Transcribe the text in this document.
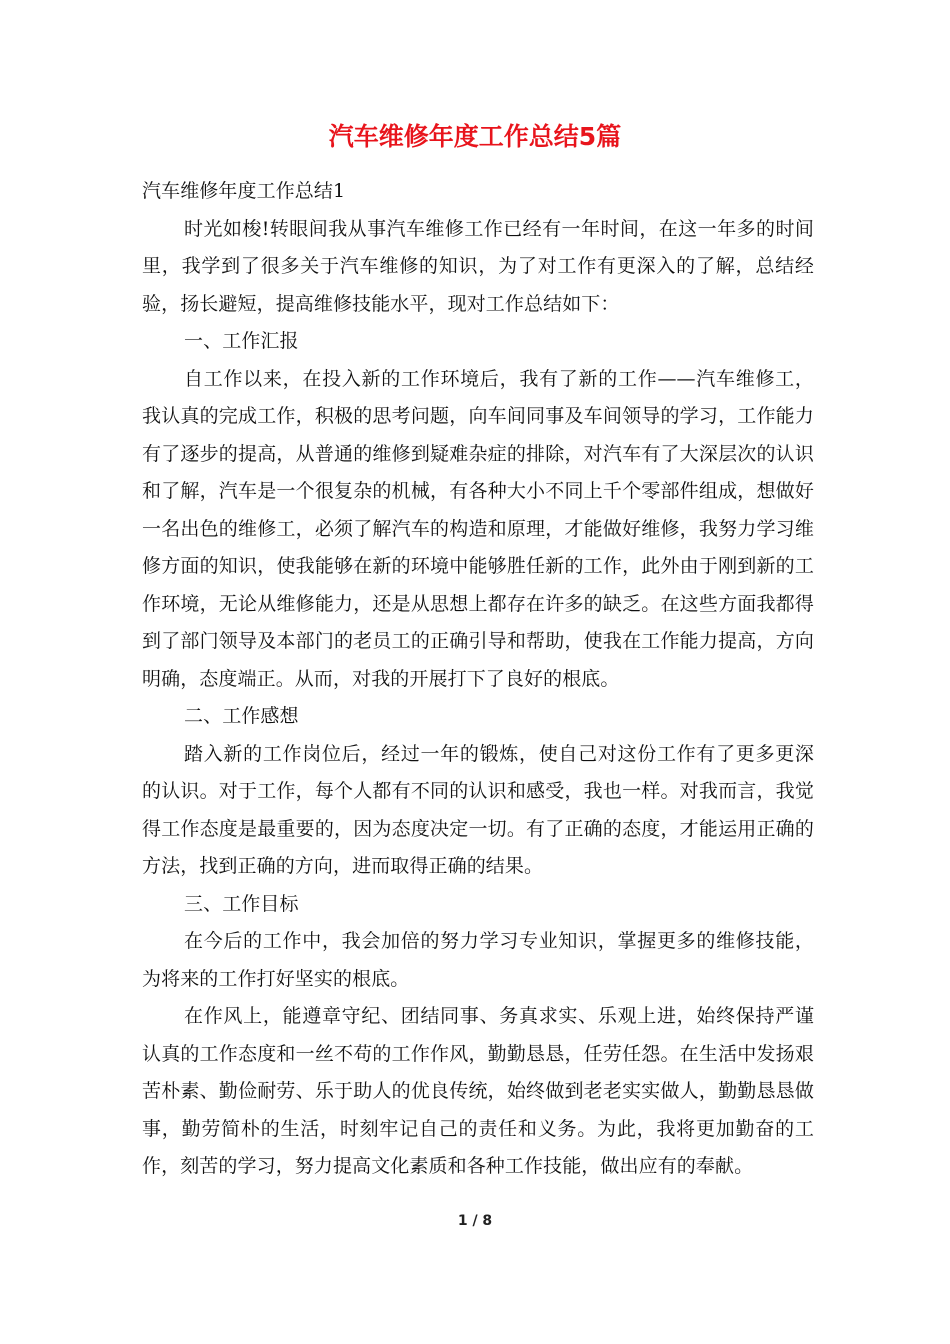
汽车维修年度工作总结5篇

汽车维修年度工作总结1

时光如梭!转眼间我从事汽车维修工作已经有一年时间，在这一年多的时间里，我学到了很多关于汽车维修的知识，为了对工作有更深入的了解，总结经验，扬长避短，提高维修技能水平，现对工作总结如下：

一、工作汇报

自工作以来，在投入新的工作环境后，我有了新的工作——汽车维修工，我认真的完成工作，积极的思考问题，向车间同事及车间领导的学习，工作能力有了逐步的提高，从普通的维修到疑难杂症的排除，对汽车有了大深层次的认识和了解，汽车是一个很复杂的机械，有各种大小不同上千个零部件组成，想做好一名出色的维修工，必须了解汽车的构造和原理，才能做好维修，我努力学习维修方面的知识，使我能够在新的环境中能够胜任新的工作，此外由于刚到新的工作环境，无论从维修能力，还是从思想上都存在许多的缺乏。在这些方面我都得到了部门领导及本部门的老员工的正确引导和帮助，使我在工作能力提高，方向明确，态度端正。从而，对我的开展打下了良好的根底。

二、工作感想

踏入新的工作岗位后，经过一年的锻炼，使自己对这份工作有了更多更深的认识。对于工作，每个人都有不同的认识和感受，我也一样。对我而言，我觉得工作态度是最重要的，因为态度决定一切。有了正确的态度，才能运用正确的方法，找到正确的方向，进而取得正确的结果。

三、工作目标

在今后的工作中，我会加倍的努力学习专业知识，掌握更多的维修技能，为将来的工作打好坚实的根底。

在作风上，能遵章守纪、团结同事、务真求实、乐观上进，始终保持严谨认真的工作态度和一丝不苟的工作作风，勤勤恳恳，任劳任怨。在生活中发扬艰苦朴素、勤俭耐劳、乐于助人的优良传统，始终做到老老实实做人，勤勤恳恳做事，勤劳简朴的生活，时刻牢记自己的责任和义务。为此，我将更加勤奋的工作，刻苦的学习，努力提高文化素质和各种工作技能，做出应有的奉献。

1 / 8
